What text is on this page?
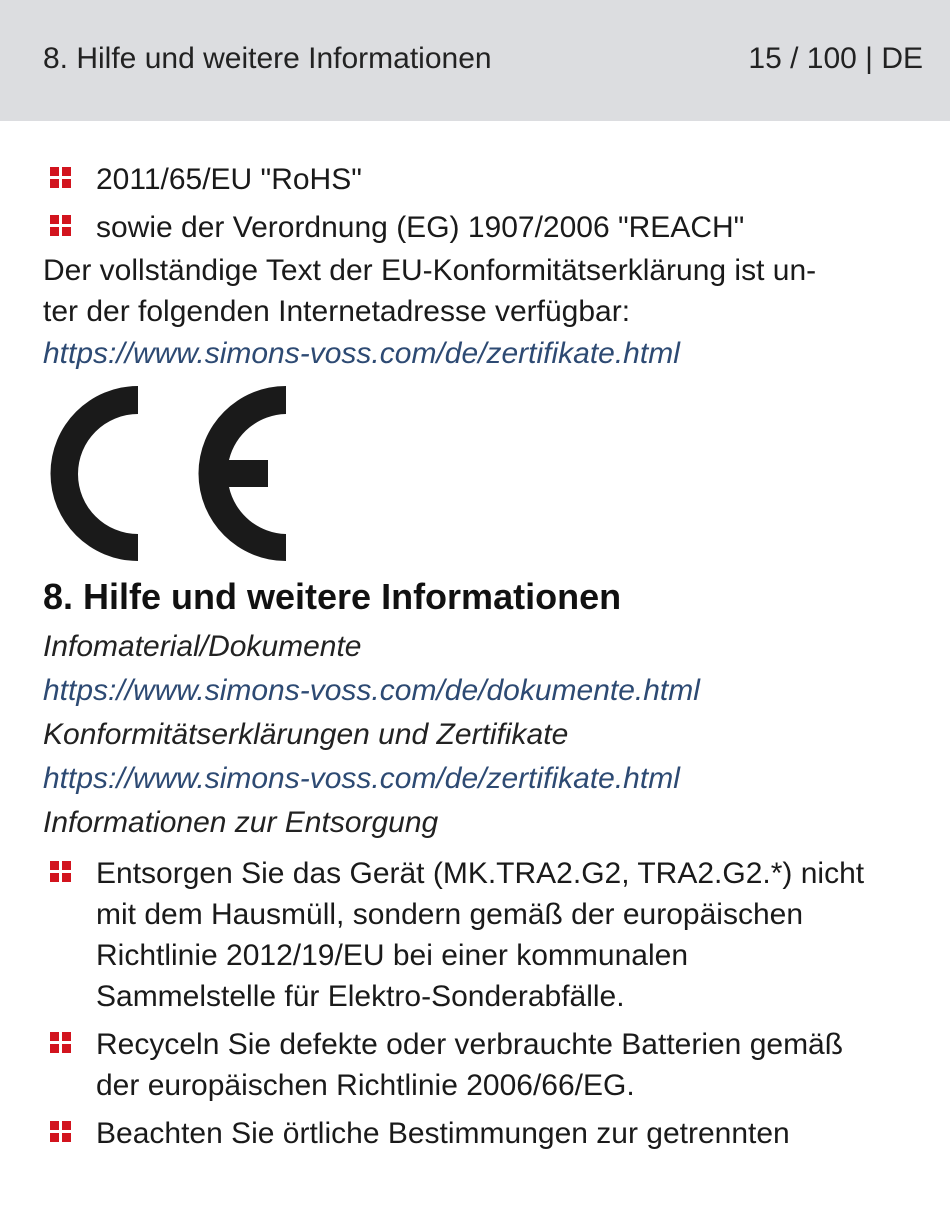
8. Hilfe und weitere Informationen	15 / 100 | DE
2011/65/EU "RoHS"
sowie der Verordnung (EG) 1907/2006 "REACH"
Der vollständige Text der EU-Konformitätserklärung ist un-
ter der folgenden Internetadresse verfügbar:
https://www.simons-voss.com/de/zertifikate.html
8. Hilfe und weitere Informationen
Infomaterial/Dokumente
https://www.simons-voss.com/de/dokumente.html
Konformitätserklärungen und Zertifikate
https://www.simons-voss.com/de/zertifikate.html
Informationen zur Entsorgung
Entsorgen Sie das Gerät (MK.TRA2.G2, TRA2.G2.*) nicht
mit dem Hausmüll, sondern gemäß der europäischen
Richtlinie 2012/19/EU bei einer kommunalen
Sammelstelle für Elektro-Sonderabfälle.
Recyceln Sie defekte oder verbrauchte Batterien gemäß
der europäischen Richtlinie 2006/66/EG.
Beachten Sie örtliche Bestimmungen zur getrennten
